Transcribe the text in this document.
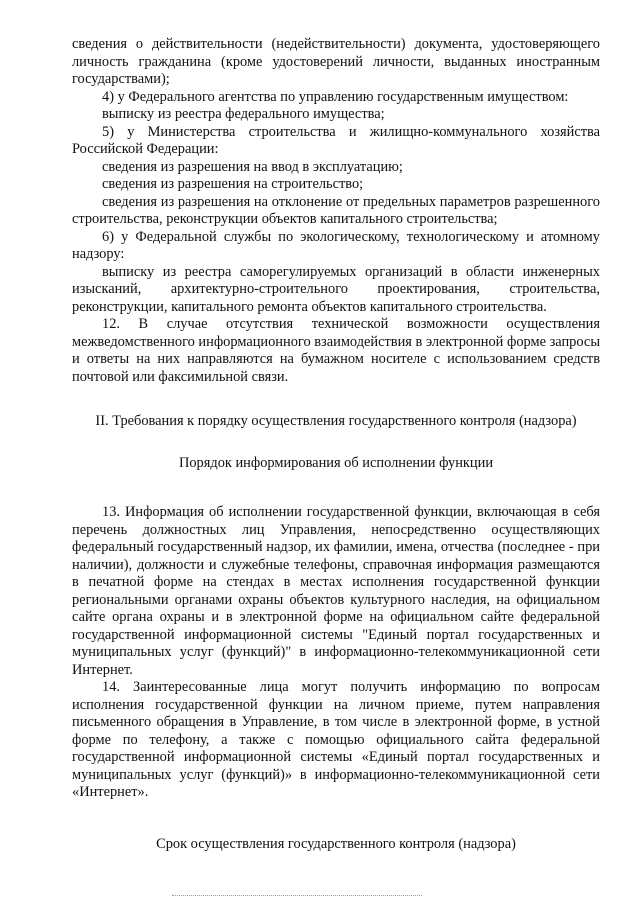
сведения о действительности (недействительности) документа, удостоверяющего личность гражданина (кроме удостоверений личности, выданных иностранным государствами);

4) у Федерального агентства по управлению государственным имуществом:

выписку из реестра федерального имущества;

5) у Министерства строительства и жилищно-коммунального хозяйства Российской Федерации:

сведения из разрешения на ввод в эксплуатацию;

сведения из разрешения на строительство;

сведения из разрешения на отклонение от предельных параметров разрешенного строительства, реконструкции объектов капитального строительства;

6) у Федеральной службы по экологическому, технологическому и атомному надзору:

выписку из реестра саморегулируемых организаций в области инженерных изысканий, архитектурно-строительного проектирования, строительства, реконструкции, капитального ремонта объектов капитального строительства.

12. В случае отсутствия технической возможности осуществления межведомственного информационного взаимодействия в электронной форме запросы и ответы на них направляются на бумажном носителе с использованием средств почтовой или факсимильной связи.

II. Требования к порядку осуществления государственного контроля (надзора)

Порядок информирования об исполнении функции

13. Информация об исполнении государственной функции, включающая в себя перечень должностных лиц Управления, непосредственно осуществляющих федеральный государственный надзор, их фамилии, имена, отчества (последнее - при наличии), должности и служебные телефоны, справочная информация размещаются в печатной форме на стендах в местах исполнения государственной функции региональными органами охраны объектов культурного наследия, на официальном сайте органа охраны и в электронной форме на официальном сайте федеральной государственной информационной системы "Единый портал государственных и муниципальных услуг (функций)" в информационно-телекоммуникационной сети Интернет.

14. Заинтересованные лица могут получить информацию по вопросам исполнения государственной функции на личном приеме, путем направления письменного обращения в Управление, в том числе в электронной форме, в устной форме по телефону, а также с помощью официального сайта федеральной государственной информационной системы «Единый портал государственных и муниципальных услуг (функций)» в информационно-телекоммуникационной сети «Интернет».

Срок осуществления государственного контроля (надзора)
